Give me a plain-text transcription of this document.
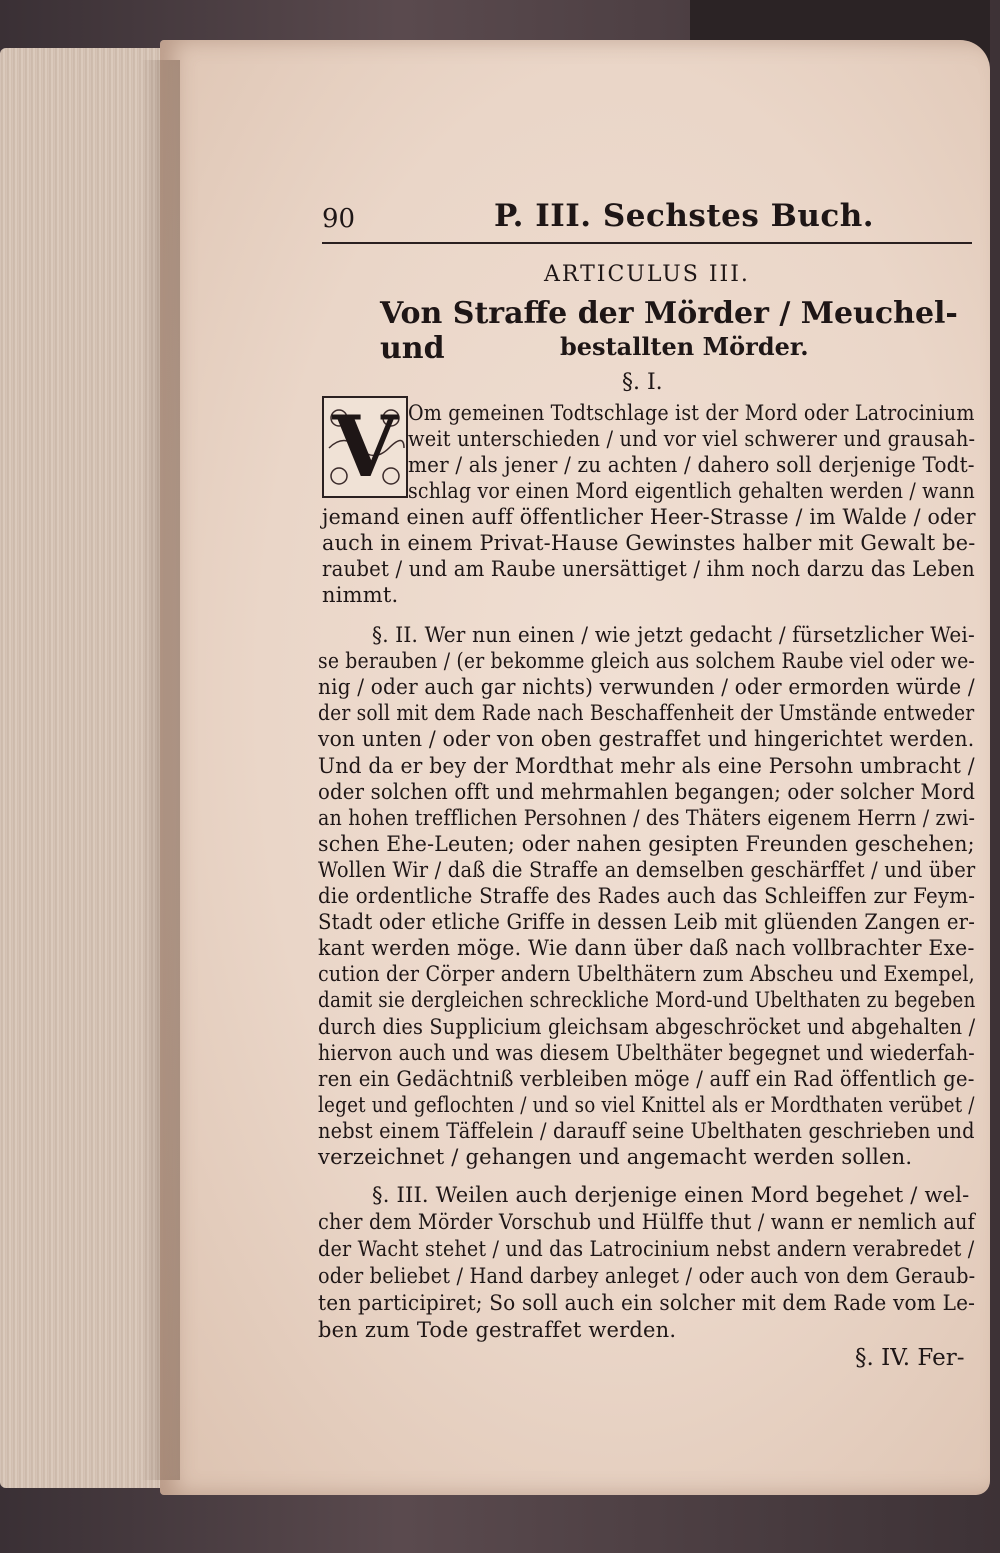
90	P. III. Sechstes Buch.
ARTICULUS III.
Von Straffe der Mörder / Meuchel-und	bestallten Mörder.
§. I.
V Om gemeinen Todtschlage ist der Mord oder Latrocinium
weit unterschieden / und vor viel schwerer und grausah-
mer / als jener / zu achten / dahero soll derjenige Todt-
schlag vor einen Mord eigentlich gehalten werden / wann
jemand einen auff öffentlicher Heer-Strasse / im Walde / oder
auch in einem Privat-Hause Gewinstes halber mit Gewalt be-
raubet / und am Raube unersättiget / ihm noch darzu das Leben
nimmt.
§. II. Wer nun einen / wie jetzt gedacht / fürsetzlicher Wei-
se berauben / (er bekomme gleich aus solchem Raube viel oder we-
nig / oder auch gar nichts) verwunden / oder ermorden würde /
der soll mit dem Rade nach Beschaffenheit der Umstände entweder
von unten / oder von oben gestraffet und hingerichtet werden.
Und da er bey der Mordthat mehr als eine Persohn umbracht /
oder solchen offt und mehrmahlen begangen; oder solcher Mord
an hohen trefflichen Persohnen / des Thäters eigenem Herrn / zwi-
schen Ehe-Leuten; oder nahen gesipten Freunden geschehen;
Wollen Wir / daß die Straffe an demselben geschärffet / und über
die ordentliche Straffe des Rades auch das Schleiffen zur Feym-
Stadt oder etliche Griffe in dessen Leib mit glüenden Zangen er-
kant werden möge. Wie dann über daß nach vollbrachter Exe-
cution der Cörper andern Ubelthätern zum Abscheu und Exempel,
damit sie dergleichen schreckliche Mord-und Ubelthaten zu begeben
durch dies Supplicium gleichsam abgeschröcket und abgehalten /
hiervon auch und was diesem Ubelthäter begegnet und wiederfah-
ren ein Gedächtniß verbleiben möge / auff ein Rad öffentlich ge-
leget und geflochten / und so viel Knittel als er Mordthaten verübet /
nebst einem Täffelein / darauff seine Ubelthaten geschrieben und
verzeichnet / gehangen und angemacht werden sollen.
§. III. Weilen auch derjenige einen Mord begehet / wel-
cher dem Mörder Vorschub und Hülffe thut / wann er nemlich auf
der Wacht stehet / und das Latrocinium nebst andern verabredet /
oder beliebet / Hand darbey anleget / oder auch von dem Geraub-
ten participiret; So soll auch ein solcher mit dem Rade vom Le-
ben zum Tode gestraffet werden.
§. IV. Fer-
